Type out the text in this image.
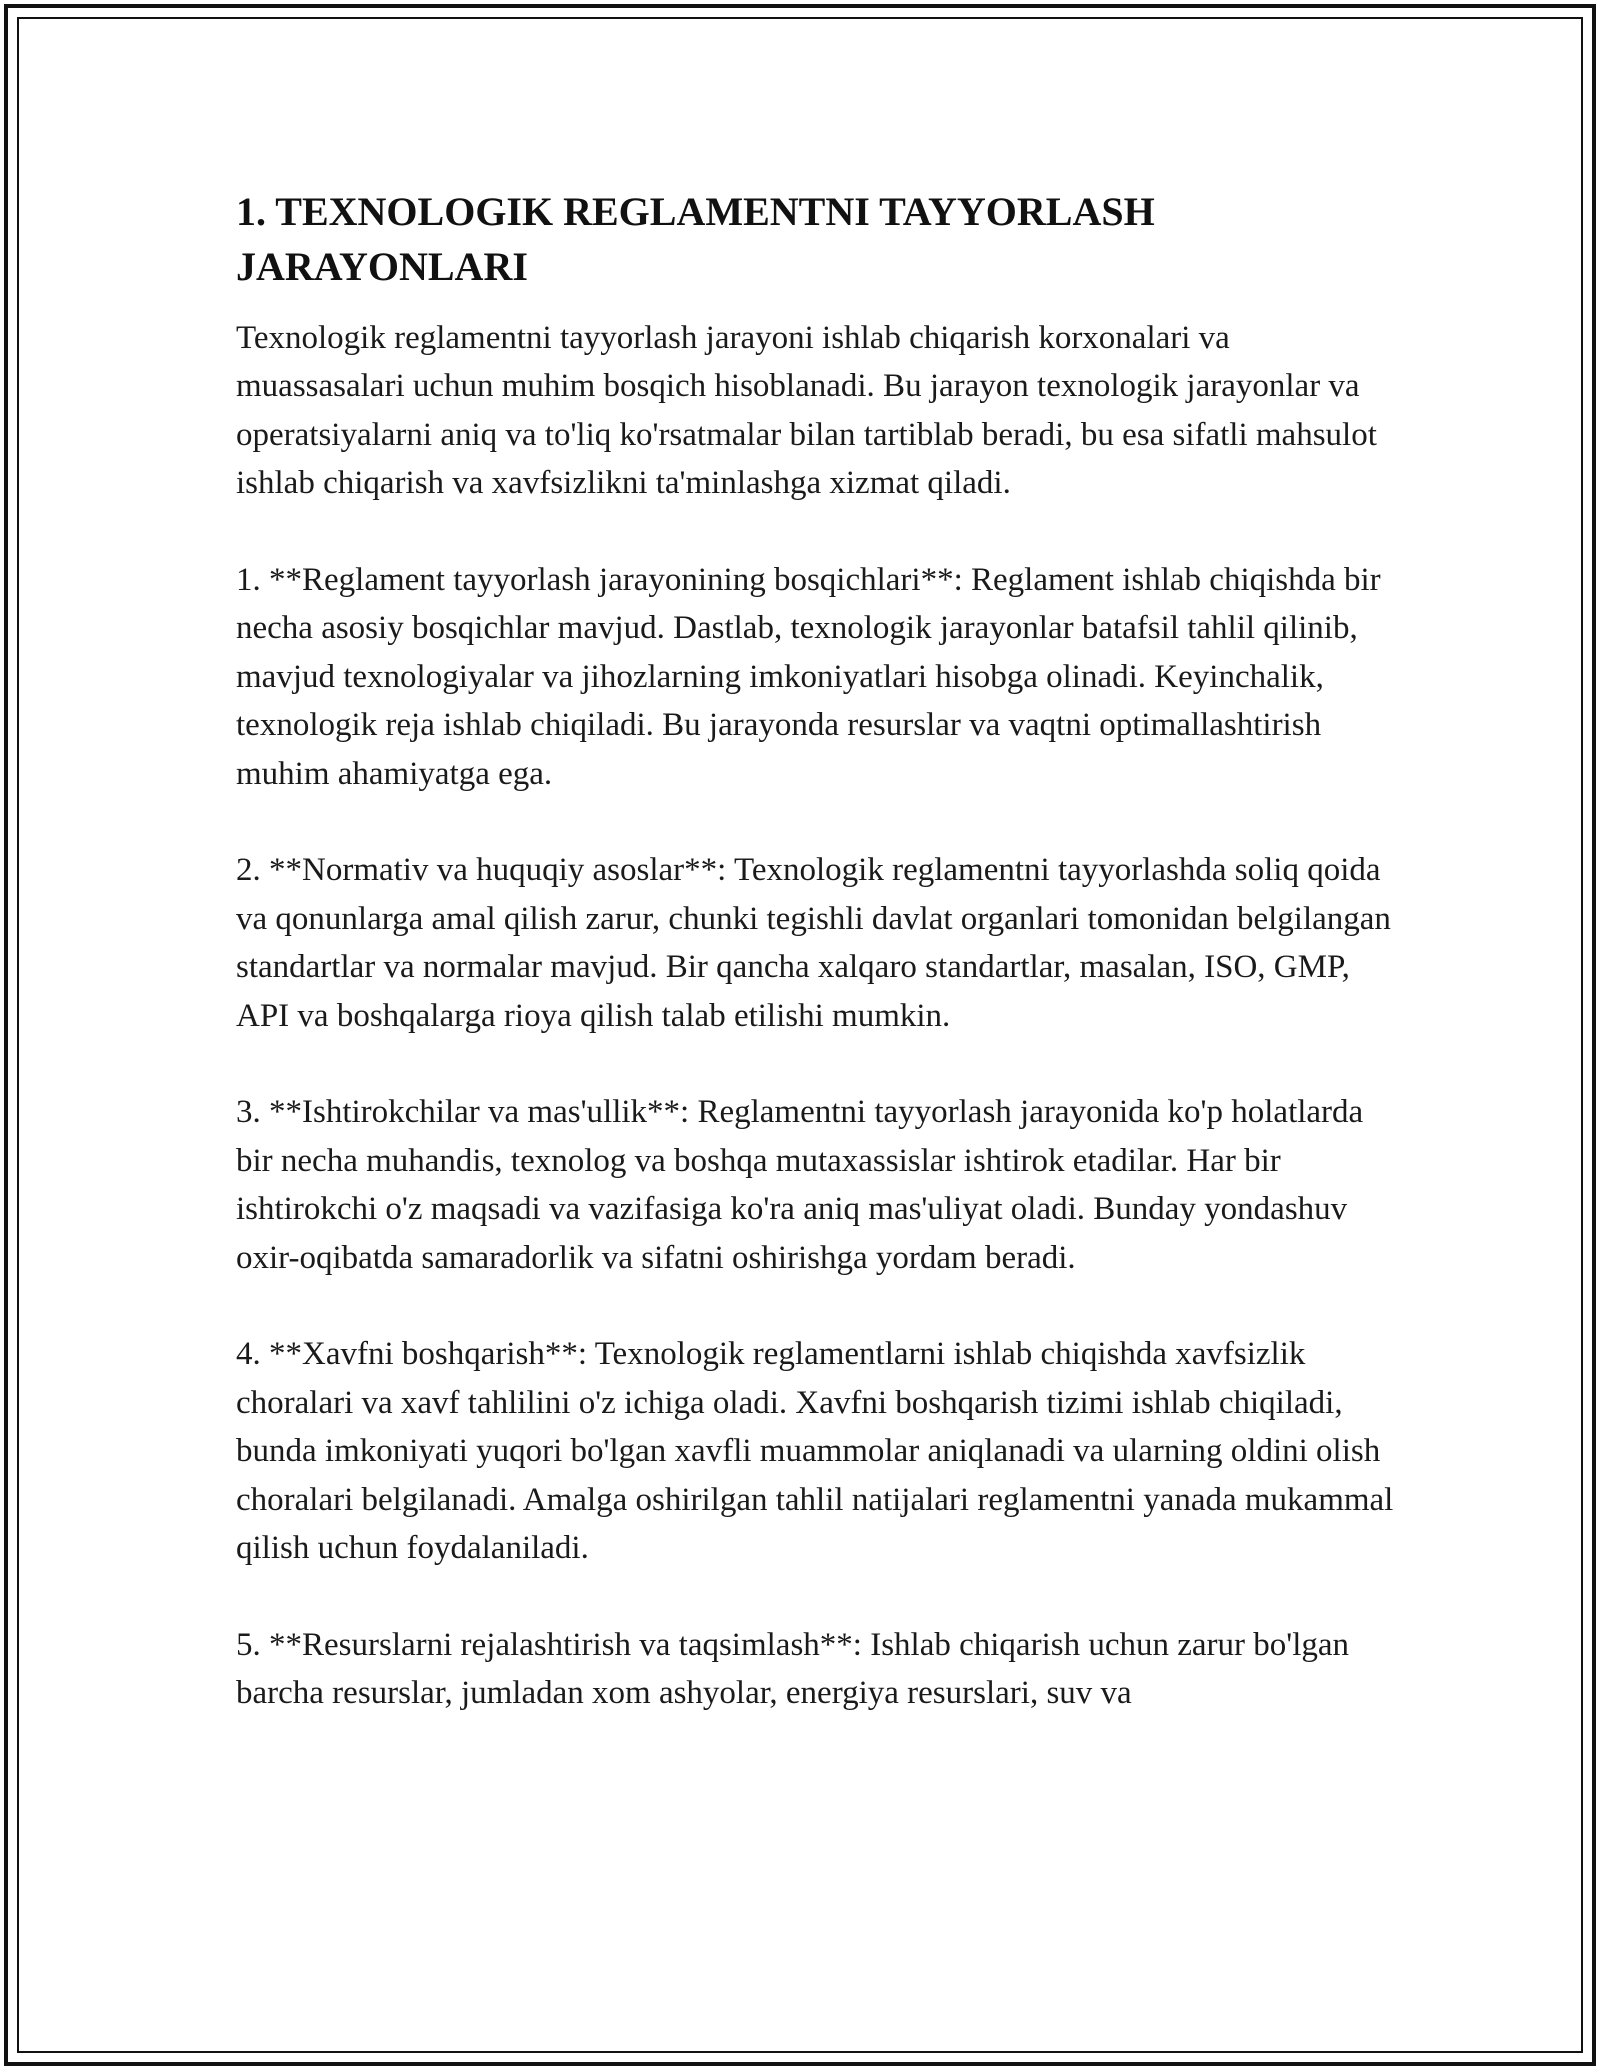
1. TEXNOLOGIK REGLAMENTNI TAYYORLASH JARAYONLARI

Texnologik reglamentni tayyorlash jarayoni ishlab chiqarish korxonalari va muassasalari uchun muhim bosqich hisoblanadi. Bu jarayon texnologik jarayonlar va operatsiyalarni aniq va to'liq ko'rsatmalar bilan tartiblab beradi, bu esa sifatli mahsulot ishlab chiqarish va xavfsizlikni ta'minlashga xizmat qiladi.

1. **Reglament tayyorlash jarayonining bosqichlari**: Reglament ishlab chiqishda bir necha asosiy bosqichlar mavjud. Dastlab, texnologik jarayonlar batafsil tahlil qilinib, mavjud texnologiyalar va jihozlarning imkoniyatlari hisobga olinadi. Keyinchalik, texnologik reja ishlab chiqiladi. Bu jarayonda resurslar va vaqtni optimallashtirish muhim ahamiyatga ega.

2. **Normativ va huquqiy asoslar**: Texnologik reglamentni tayyorlashda soliq qoida va qonunlarga amal qilish zarur, chunki tegishli davlat organlari tomonidan belgilangan standartlar va normalar mavjud. Bir qancha xalqaro standartlar, masalan, ISO, GMP, API va boshqalarga rioya qilish talab etilishi mumkin.

3. **Ishtirokchilar va mas'ullik**: Reglamentni tayyorlash jarayonida ko'p holatlarda bir necha muhandis, texnolog va boshqa mutaxassislar ishtirok etadilar. Har bir ishtirokchi o'z maqsadi va vazifasiga ko'ra aniq mas'uliyat oladi. Bunday yondashuv oxir-oqibatda samaradorlik va sifatni oshirishga yordam beradi.

4. **Xavfni boshqarish**: Texnologik reglamentlarni ishlab chiqishda xavfsizlik choralari va xavf tahlilini o'z ichiga oladi. Xavfni boshqarish tizimi ishlab chiqiladi, bunda imkoniyati yuqori bo'lgan xavfli muammolar aniqlanadi va ularning oldini olish choralari belgilanadi. Amalga oshirilgan tahlil natijalari reglamentni yanada mukammal qilish uchun foydalaniladi.

5. **Resurslarni rejalashtirish va taqsimlash**: Ishlab chiqarish uchun zarur bo'lgan barcha resurslar, jumladan xom ashyolar, energiya resurslari, suv va
